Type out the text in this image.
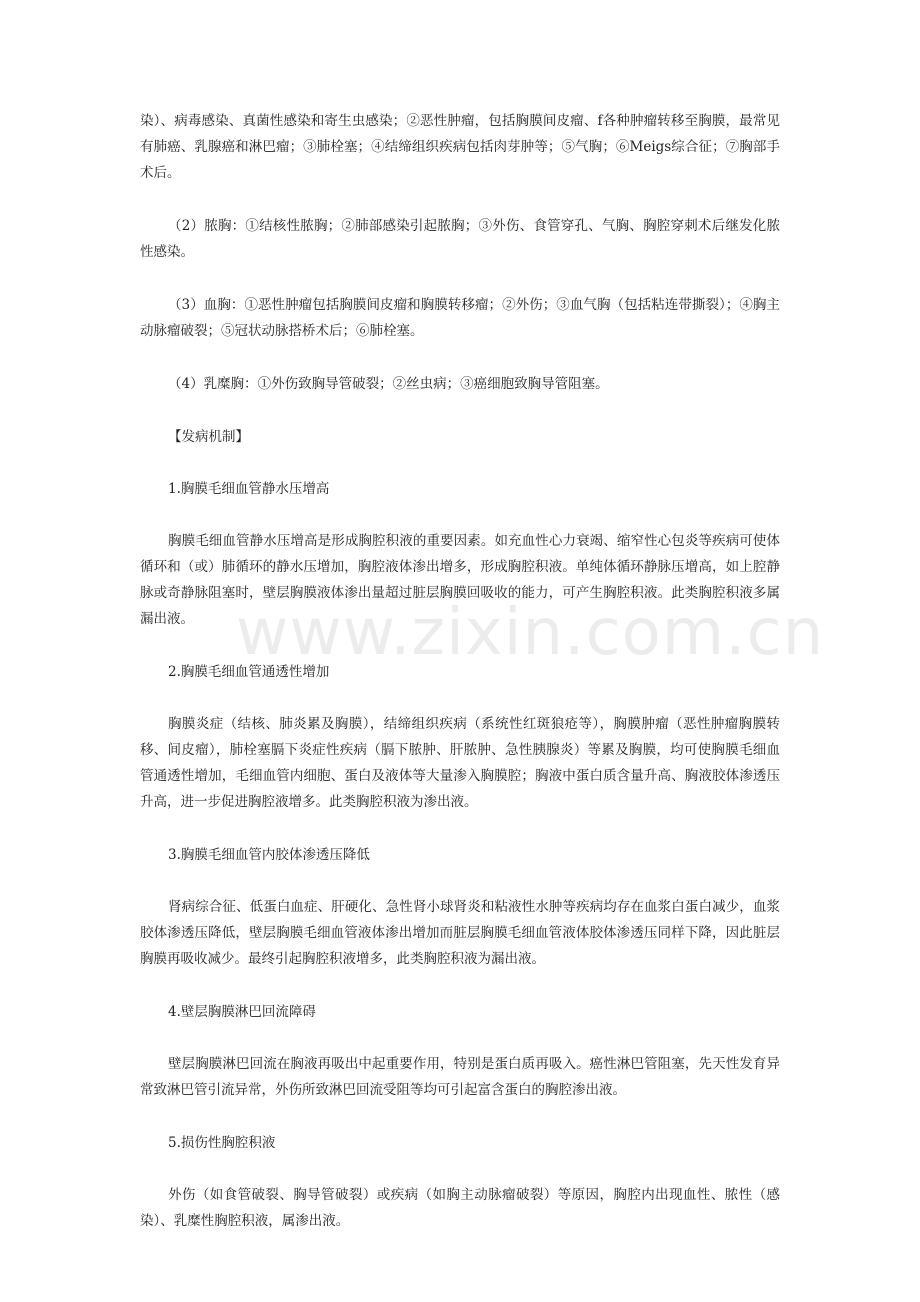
染）、病毒感染、真菌性感染和寄生虫感染；②恶性肿瘤，包括胸膜间皮瘤、f各种肿瘤转移至胸膜，最常见有肺癌、乳腺癌和淋巴瘤；③肺栓塞；④结缔组织疾病包括肉芽肿等；⑤气胸；⑥Meigs综合征；⑦胸部手术后。

（2）脓胸：①结核性脓胸；②肺部感染引起脓胸；③外伤、食管穿孔、气胸、胸腔穿刺术后继发化脓性感染。

（3）血胸：①恶性肿瘤包括胸膜间皮瘤和胸膜转移瘤；②外伤；③血气胸（包括粘连带撕裂）；④胸主动脉瘤破裂；⑤冠状动脉搭桥术后；⑥肺栓塞。

（4）乳糜胸：①外伤致胸导管破裂；②丝虫病；③癌细胞致胸导管阻塞。

【发病机制】

1.胸膜毛细血管静水压增高

胸膜毛细血管静水压增高是形成胸腔积液的重要因素。如充血性心力衰竭、缩窄性心包炎等疾病可使体循环和（或）肺循环的静水压增加，胸腔液体渗出增多，形成胸腔积液。单纯体循环静脉压增高，如上腔静脉或奇静脉阻塞时，壁层胸膜液体渗出量超过脏层胸膜回吸收的能力，可产生胸腔积液。此类胸腔积液多属漏出液。

2.胸膜毛细血管通透性增加

胸膜炎症（结核、肺炎累及胸膜），结缔组织疾病（系统性红斑狼疮等），胸膜肿瘤（恶性肿瘤胸膜转移、间皮瘤），肺栓塞膈下炎症性疾病（膈下脓肿、肝脓肿、急性胰腺炎）等累及胸膜，均可使胸膜毛细血管通透性增加，毛细血管内细胞、蛋白及液体等大量渗入胸膜腔；胸液中蛋白质含量升高、胸液胶体渗透压升高，进一步促进胸腔液增多。此类胸腔积液为渗出液。

3.胸膜毛细血管内胶体渗透压降低

肾病综合征、低蛋白血症、肝硬化、急性肾小球肾炎和粘液性水肿等疾病均存在血浆白蛋白减少，血浆胶体渗透压降低，壁层胸膜毛细血管液体渗出增加而脏层胸膜毛细血管液体胶体渗透压同样下降，因此脏层胸膜再吸收减少。最终引起胸腔积液增多，此类胸腔积液为漏出液。

4.壁层胸膜淋巴回流障碍

壁层胸膜淋巴回流在胸液再吸出中起重要作用，特别是蛋白质再吸入。癌性淋巴管阻塞，先天性发育异常致淋巴管引流异常，外伤所致淋巴回流受阻等均可引起富含蛋白的胸腔渗出液。

5.损伤性胸腔积液

外伤（如食管破裂、胸导管破裂）或疾病（如胸主动脉瘤破裂）等原因，胸腔内出现血性、脓性（感染）、乳糜性胸腔积液，属渗出液。

www.zixin.com.cn
